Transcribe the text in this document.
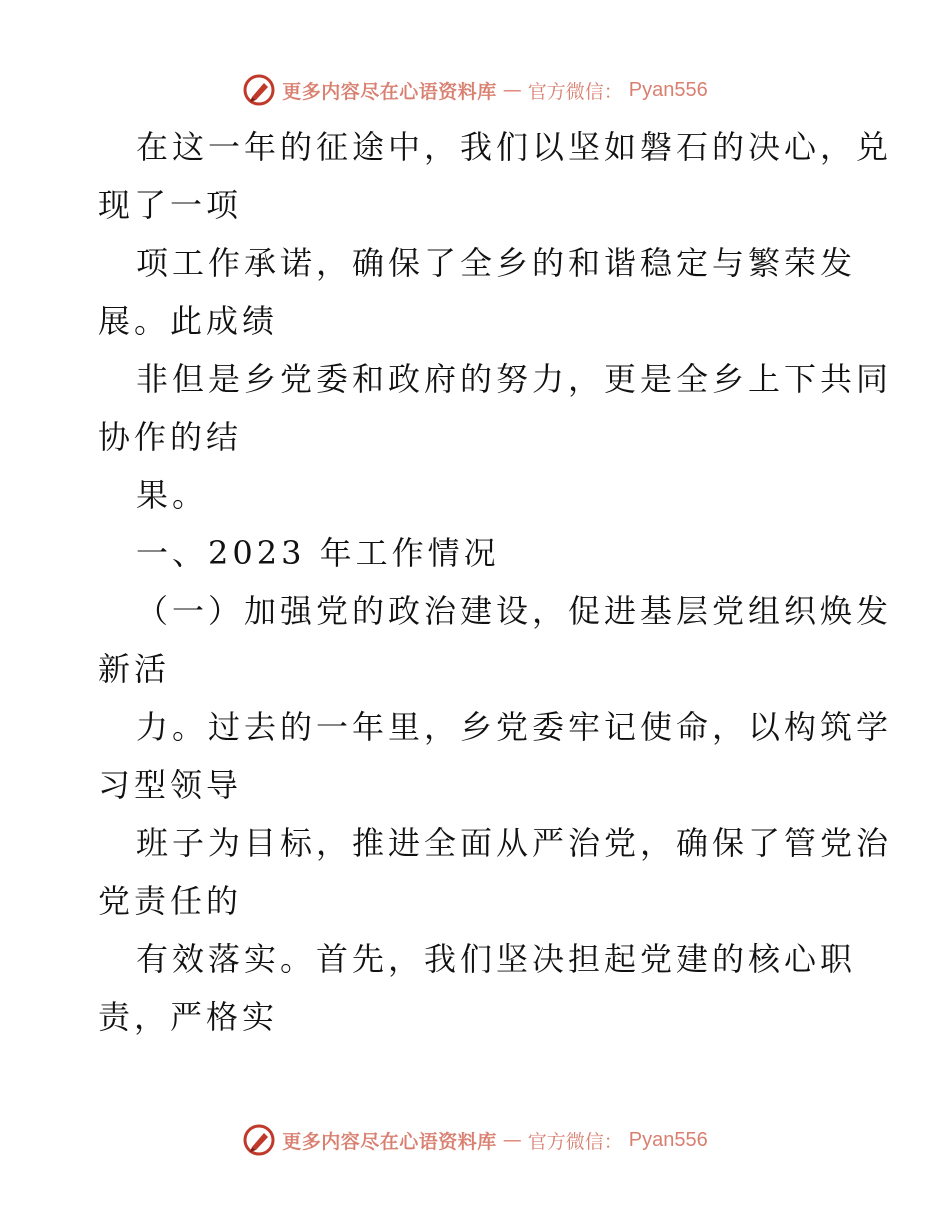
更多内容尽在心语资料库 — 官方微信： Pyan556
在这一年的征途中，我们以坚如磐石的决心，兑
现了一项
项工作承诺，确保了全乡的和谐稳定与繁荣发
展。此成绩
非但是乡党委和政府的努力，更是全乡上下共同
协作的结
果。
一、2023 年工作情况
（一）加强党的政治建设，促进基层党组织焕发
新活
力。过去的一年里，乡党委牢记使命，以构筑学
习型领导
班子为目标，推进全面从严治党，确保了管党治
党责任的
有效落实。首先，我们坚决担起党建的核心职
责，严格实
更多内容尽在心语资料库 — 官方微信： Pyan556
